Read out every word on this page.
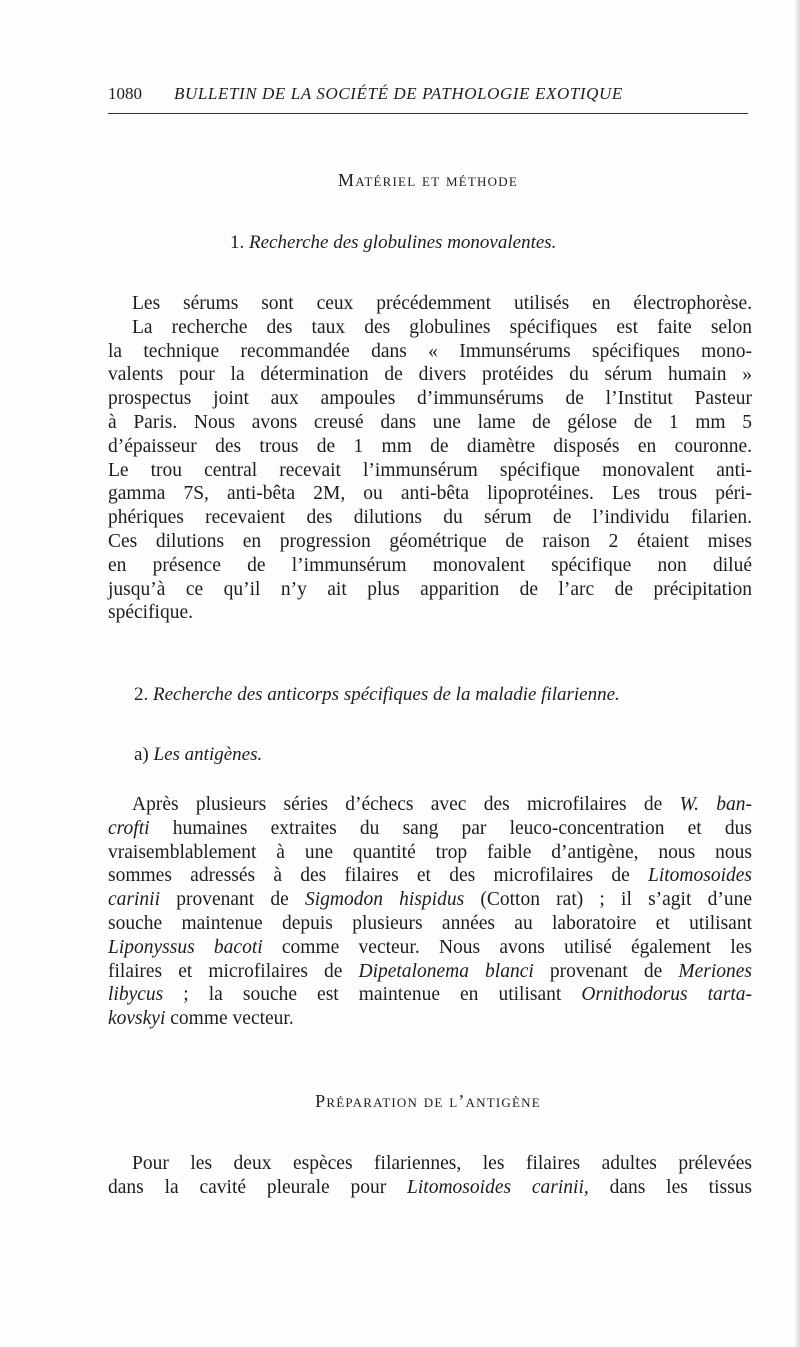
1080 BULLETIN DE LA SOCIÉTÉ DE PATHOLOGIE EXOTIQUE
Matériel et méthode
1. Recherche des globulines monovalentes.
Les sérums sont ceux précédemment utilisés en électrophorèse.
La recherche des taux des globulines spécifiques est faite selon
la technique recommandée dans « Immunsérums spécifiques mono-
valents pour la détermination de divers protéides du sérum humain »
prospectus joint aux ampoules d’immunsérums de l’Institut Pasteur
à Paris. Nous avons creusé dans une lame de gélose de 1 mm 5
d’épaisseur des trous de 1 mm de diamètre disposés en couronne.
Le trou central recevait l’immunsérum spécifique monovalent anti-
gamma 7S, anti-bêta 2M, ou anti-bêta lipoprotéines. Les trous péri-
phériques recevaient des dilutions du sérum de l’individu filarien.
Ces dilutions en progression géométrique de raison 2 étaient mises
en présence de l’immunsérum monovalent spécifique non dilué
jusqu’à ce qu’il n’y ait plus apparition de l’arc de précipitation
spécifique.
2. Recherche des anticorps spécifiques de la maladie filarienne.
a) Les antigènes.
Après plusieurs séries d’échecs avec des microfilaires de W. ban-
crofti humaines extraites du sang par leuco-concentration et dus
vraisemblablement à une quantité trop faible d’antigène, nous nous
sommes adressés à des filaires et des microfilaires de Litomosoides
carinii provenant de Sigmodon hispidus (Cotton rat) ; il s’agit d’une
souche maintenue depuis plusieurs années au laboratoire et utilisant
Liponyssus bacoti comme vecteur. Nous avons utilisé également les
filaires et microfilaires de Dipetalonema blanci provenant de Meriones
libycus ; la souche est maintenue en utilisant Ornithodorus tarta-
kovskyi comme vecteur.
Préparation de l’antigène
Pour les deux espèces filariennes, les filaires adultes prélevées
dans la cavité pleurale pour Litomosoides carinii, dans les tissus
